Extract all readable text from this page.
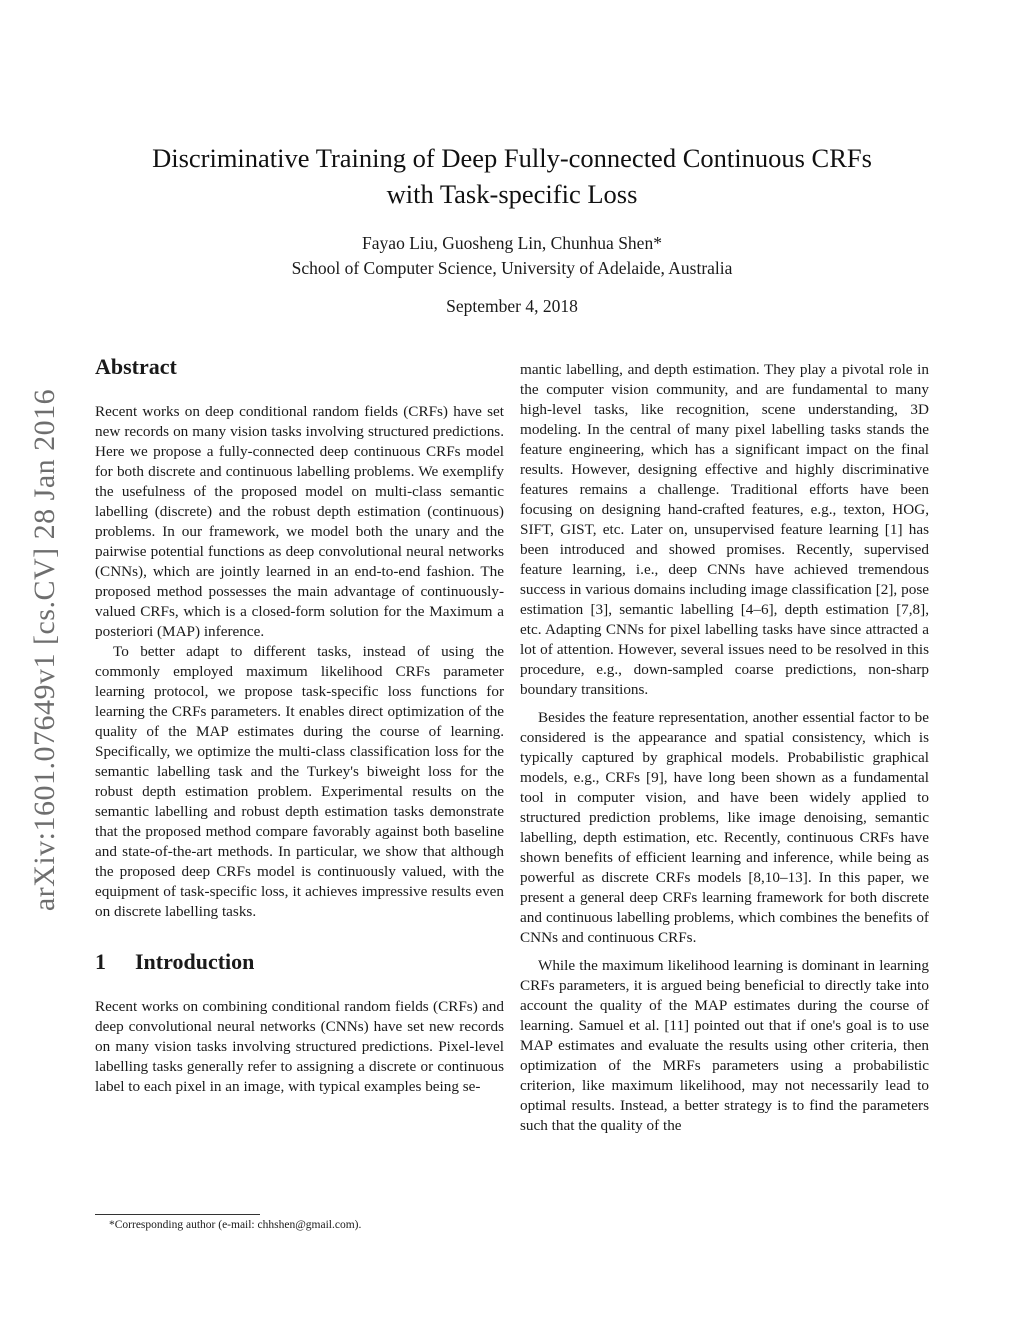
arXiv:1601.07649v1 [cs.CV] 28 Jan 2016
Discriminative Training of Deep Fully-connected Continuous CRFs
with Task-specific Loss
Fayao Liu, Guosheng Lin, Chunhua Shen*
School of Computer Science, University of Adelaide, Australia
September 4, 2018
Abstract

Recent works on deep conditional random fields (CRFs) have set new records on many vision tasks involving structured predictions. Here we propose a fully-connected deep continuous CRFs model for both discrete and continuous labelling problems. We exemplify the usefulness of the proposed model on multi-class semantic labelling (discrete) and the robust depth estimation (continuous) problems. In our framework, we model both the unary and the pairwise potential functions as deep convolutional neural networks (CNNs), which are jointly learned in an end-to-end fashion. The proposed method possesses the main advantage of continuously-valued CRFs, which is a closed-form solution for the Maximum a posteriori (MAP) inference.

To better adapt to different tasks, instead of using the commonly employed maximum likelihood CRFs parameter learning protocol, we propose task-specific loss functions for learning the CRFs parameters. It enables direct optimization of the quality of the MAP estimates during the course of learning. Specifically, we optimize the multi-class classification loss for the semantic labelling task and the Turkey's biweight loss for the robust depth estimation problem. Experimental results on the semantic labelling and robust depth estimation tasks demonstrate that the proposed method compare favorably against both baseline and state-of-the-art methods. In particular, we show that although the proposed deep CRFs model is continuously valued, with the equipment of task-specific loss, it achieves impressive results even on discrete labelling tasks.

1 Introduction

Recent works on combining conditional random fields (CRFs) and deep convolutional neural networks (CNNs) have set new records on many vision tasks involving structured predictions. Pixel-level labelling tasks generally refer to assigning a discrete or continuous label to each pixel in an image, with typical examples being se-

mantic labelling, and depth estimation. They play a pivotal role in the computer vision community, and are fundamental to many high-level tasks, like recognition, scene understanding, 3D modeling. In the central of many pixel labelling tasks stands the feature engineering, which has a significant impact on the final results. However, designing effective and highly discriminative features remains a challenge. Traditional efforts have been focusing on designing hand-crafted features, e.g., texton, HOG, SIFT, GIST, etc. Later on, unsupervised feature learning [1] has been introduced and showed promises. Recently, supervised feature learning, i.e., deep CNNs have achieved tremendous success in various domains including image classification [2], pose estimation [3], semantic labelling [4–6], depth estimation [7,8], etc. Adapting CNNs for pixel labelling tasks have since attracted a lot of attention. However, several issues need to be resolved in this procedure, e.g., down-sampled coarse predictions, non-sharp boundary transitions.

Besides the feature representation, another essential factor to be considered is the appearance and spatial consistency, which is typically captured by graphical models. Probabilistic graphical models, e.g., CRFs [9], have long been shown as a fundamental tool in computer vision, and have been widely applied to structured prediction problems, like image denoising, semantic labelling, depth estimation, etc. Recently, continuous CRFs have shown benefits of efficient learning and inference, while being as powerful as discrete CRFs models [8,10–13]. In this paper, we present a general deep CRFs learning framework for both discrete and continuous labelling problems, which combines the benefits of CNNs and continuous CRFs.

While the maximum likelihood learning is dominant in learning CRFs parameters, it is argued being beneficial to directly take into account the quality of the MAP estimates during the course of learning. Samuel et al. [11] pointed out that if one's goal is to use MAP estimates and evaluate the results using other criteria, then optimization of the MRFs parameters using a probabilistic criterion, like maximum likelihood, may not necessarily lead to optimal results. Instead, a better strategy is to find the parameters such that the quality of the

*Corresponding author (e-mail: chhshen@gmail.com).
